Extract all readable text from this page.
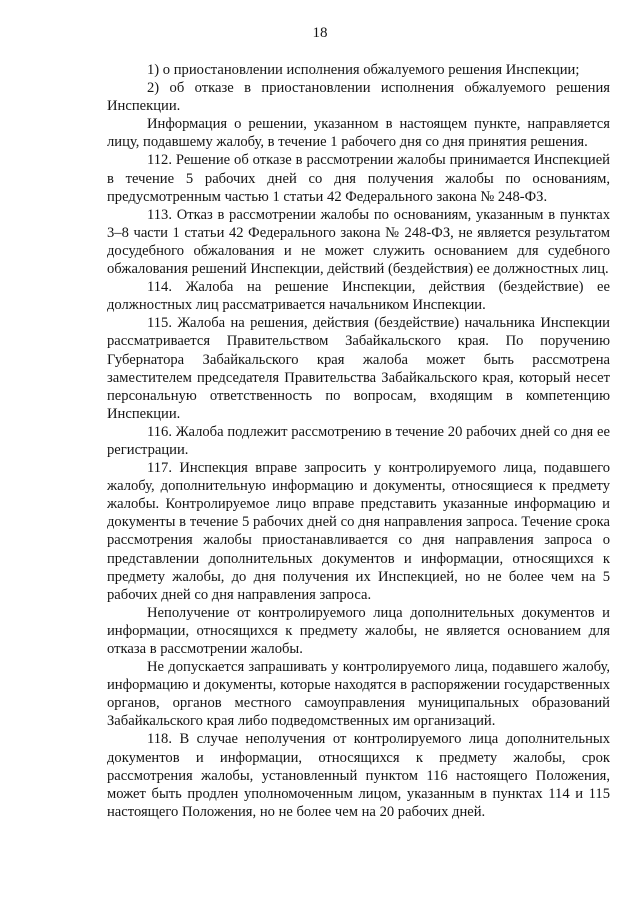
18

1) о приостановлении исполнения обжалуемого решения Инспекции;

2) об отказе в приостановлении исполнения обжалуемого решения Инспекции.

Информация о решении, указанном в настоящем пункте, направляется лицу, подавшему жалобу, в течение 1 рабочего дня со дня принятия решения.

112. Решение об отказе в рассмотрении жалобы принимается Инспекцией в течение 5 рабочих дней со дня получения жалобы по основаниям, предусмотренным частью 1 статьи 42 Федерального закона № 248-ФЗ.

113. Отказ в рассмотрении жалобы по основаниям, указанным в пунктах 3–8 части 1 статьи 42 Федерального закона № 248-ФЗ, не является результатом досудебного обжалования и не может служить основанием для судебного обжалования решений Инспекции, действий (бездействия) ее должностных лиц.

114. Жалоба на решение Инспекции, действия (бездействие) ее должностных лиц рассматривается начальником Инспекции.

115. Жалоба на решения, действия (бездействие) начальника Инспекции рассматривается Правительством Забайкальского края. По поручению Губернатора Забайкальского края жалоба может быть рассмотрена заместителем председателя Правительства Забайкальского края, который несет персональную ответственность по вопросам, входящим в компетенцию Инспекции.

116. Жалоба подлежит рассмотрению в течение 20 рабочих дней со дня ее регистрации.

117. Инспекция вправе запросить у контролируемого лица, подавшего жалобу, дополнительную информацию и документы, относящиеся к предмету жалобы. Контролируемое лицо вправе представить указанные информацию и документы в течение 5 рабочих дней со дня направления запроса. Течение срока рассмотрения жалобы приостанавливается со дня направления запроса о представлении дополнительных документов и информации, относящихся к предмету жалобы, до дня получения их Инспекцией, но не более чем на 5 рабочих дней со дня направления запроса.

Неполучение от контролируемого лица дополнительных документов и информации, относящихся к предмету жалобы, не является основанием для отказа в рассмотрении жалобы.

Не допускается запрашивать у контролируемого лица, подавшего жалобу, информацию и документы, которые находятся в распоряжении государственных органов, органов местного самоуправления муниципальных образований Забайкальского края либо подведомственных им организаций.

118. В случае неполучения от контролируемого лица дополнительных документов и информации, относящихся к предмету жалобы, срок рассмотрения жалобы, установленный пунктом 116 настоящего Положения, может быть продлен уполномоченным лицом, указанным в пунктах 114 и 115 настоящего Положения, но не более чем на 20 рабочих дней.
